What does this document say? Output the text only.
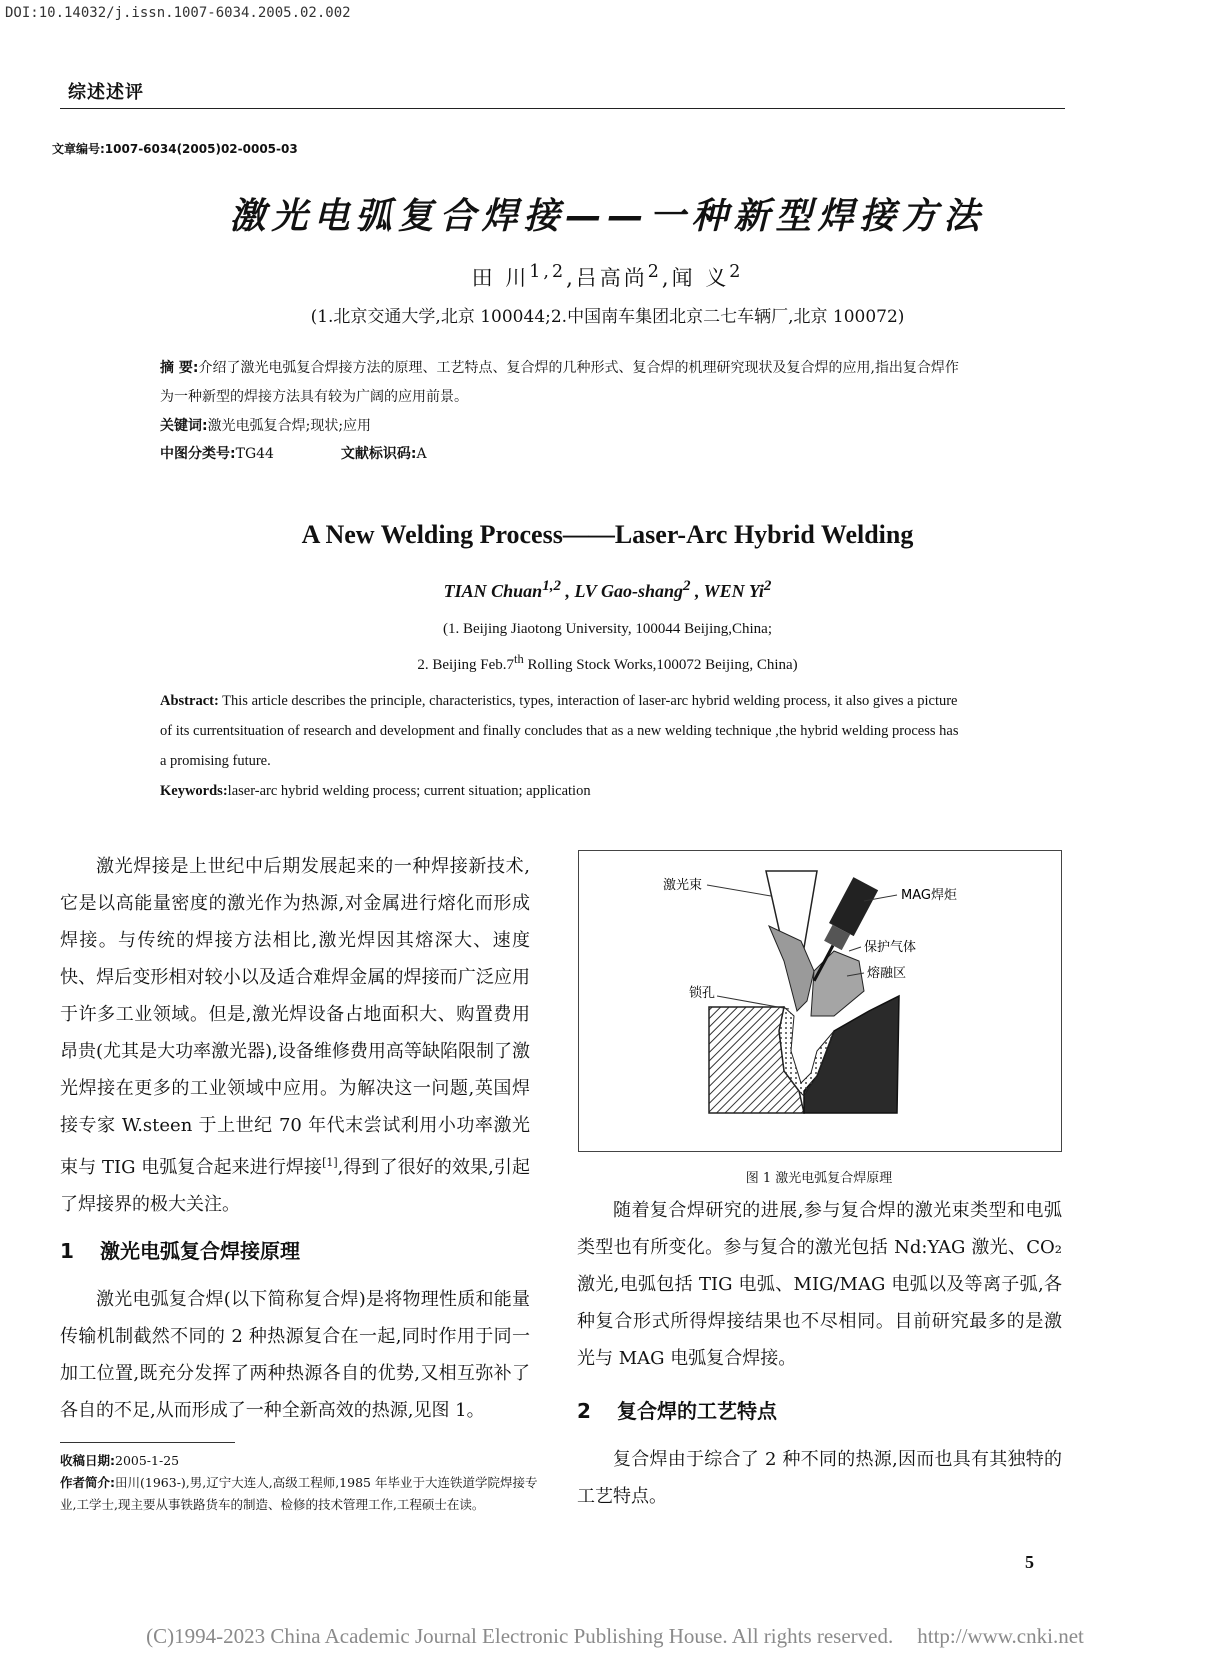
DOI:10.14032/j.issn.1007-6034.2005.02.002
综述述评
文章编号:1007-6034(2005)02-0005-03
激光电弧复合焊接——一种新型焊接方法
田 川$^{1,2}$,吕高尚$^2$,闻 义$^2$
(1.北京交通大学,北京 100044;2.中国南车集团北京二七车辆厂,北京 100072)
摘 要:介绍了激光电弧复合焊接方法的原理、工艺特点、复合焊的几种形式、复合焊的机理研究现状及复合焊的应用,指出复合焊作为一种新型的焊接方法具有较为广阔的应用前景。
关键词:激光电弧复合焊;现状;应用
中图分类号:TG44	文献标识码:A
A New Welding Process——Laser-Arc Hybrid Welding
TIAN Chuan$^{1,2}$ , LV Gao-shang$^2$ , WEN Yi$^2$
(1. Beijing Jiaotong University, 100044 Beijing,China;
2. Beijing Feb.7th Rolling Stock Works,100072 Beijing, China)
Abstract: This article describes the principle, characteristics, types, interaction of laser-arc hybrid welding process, it also gives a picture of its currentsituation of research and development and finally concludes that as a new welding technique ,the hybrid welding process has a promising future.
Keywords:laser-arc hybrid welding process; current situation; application

激光焊接是上世纪中后期发展起来的一种焊接新技术,它是以高能量密度的激光作为热源,对金属进行熔化而形成焊接。与传统的焊接方法相比,激光焊因其熔深大、速度快、焊后变形相对较小以及适合难焊金属的焊接而广泛应用于许多工业领域。但是,激光焊设备占地面积大、购置费用昂贵(尤其是大功率激光器),设备维修费用高等缺陷限制了激光焊接在更多的工业领域中应用。为解决这一问题,英国焊接专家 W.steen 于上世纪 70 年代末尝试利用小功率激光束与 TIG 电弧复合起来进行焊接[1],得到了很好的效果,引起了焊接界的极大关注。

1 激光电弧复合焊接原理

激光电弧复合焊(以下简称复合焊)是将物理性质和能量传输机制截然不同的 2 种热源复合在一起,同时作用于同一加工位置,既充分发挥了两种热源各自的优势,又相互弥补了各自的不足,从而形成了一种全新高效的热源,见图 1。

收稿日期:2005-1-25
作者简介:田川(1963-),男,辽宁大连人,高级工程师,1985 年毕业于大连铁道学院焊接专业,工学士,现主要从事铁路货车的制造、检修的技术管理工作,工程硕士在读。
激光束
MAG焊炬
保护气体
熔融区
锁孔
图 1 激光电弧复合焊原理

随着复合焊研究的进展,参与复合焊的激光束类型和电弧类型也有所变化。参与复合的激光包括 Nd:YAG 激光、CO₂ 激光,电弧包括 TIG 电弧、MIG/MAG 电弧以及等离子弧,各种复合形式所得焊接结果也不尽相同。目前研究最多的是激光与 MAG 电弧复合焊接。

2 复合焊的工艺特点

复合焊由于综合了 2 种不同的热源,因而也具有其独特的工艺特点。

5
(C)1994-2023 China Academic Journal Electronic Publishing House. All rights reserved. http://www.cnki.net
